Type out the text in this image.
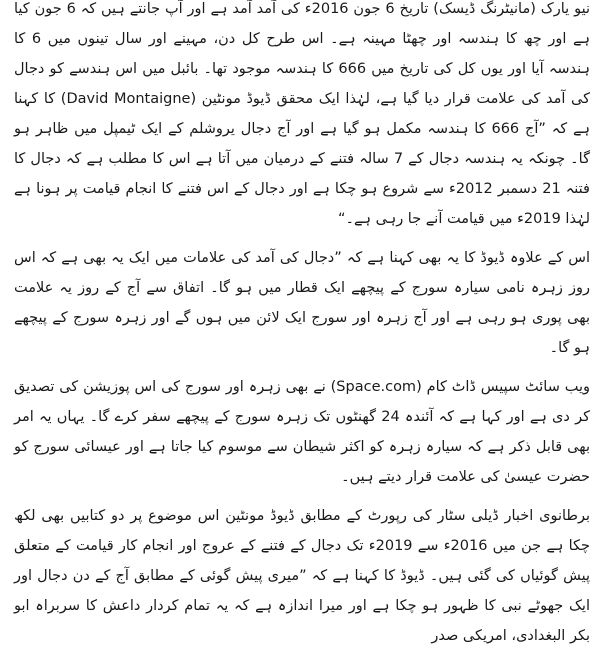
نیو یارک (مانیٹرنگ ڈیسک) تاریخ 6 جون 2016ء کی آمد آمد ہے اور آپ جانتے ہیں کہ 6 جون کیا ہے اور چھ کا ہندسہ اور چھٹا مہینہ ہے۔ اس طرح کل دن، مہینے اور سال تینوں میں 6 کا ہندسہ آیا اور یوں کل کی تاریخ میں 666 کا ہندسہ موجود تھا۔ بائبل میں اس ہندسے کو دجال کی آمد کی علامت قرار دیا گیا ہے، لہٰذا ایک محقق ڈیوڈ مونٹین (David Montaigne) کا کہنا ہے کہ ”آج 666 کا ہندسہ مکمل ہو گیا ہے اور آج دجال یروشلم کے ایک ٹیمپل میں ظاہر ہو گا۔ چونکہ یہ ہندسہ دجال کے 7 سالہ فتنے کے درمیان میں آتا ہے اس کا مطلب ہے کہ دجال کا فتنہ 21 دسمبر 2012ء سے شروع ہو چکا ہے اور دجال کے اس فتنے کا انجام قیامت پر ہونا ہے لہٰذا 2019ء میں قیامت آنے جا رہی ہے۔“

اس کے علاوہ ڈیوڈ کا یہ بھی کہنا ہے کہ ”دجال کی آمد کی علامات میں ایک یہ بھی ہے کہ اس روز زہرہ نامی سیارہ سورج کے پیچھے ایک قطار میں ہو گا۔ اتفاق سے آج کے روز یہ علامت بھی پوری ہو رہی ہے اور آج زہرہ اور سورج ایک لائن میں ہوں گے اور زہرہ سورج کے پیچھے ہو گا۔

ویب سائٹ سپیس ڈاٹ کام (Space.com) نے بھی زہرہ اور سورج کی اس پوزیشن کی تصدیق کر دی ہے اور کہا ہے کہ آئندہ 24 گھنٹوں تک زہرہ سورج کے پیچھے سفر کرے گا۔ یہاں یہ امر بھی قابل ذکر ہے کہ سیارہ زہرہ کو اکثر شیطان سے موسوم کیا جاتا ہے اور عیسائی سورج کو حضرت عیسیٰ کی علامت قرار دیتے ہیں۔

برطانوی اخبار ڈیلی سٹار کی رپورٹ کے مطابق ڈیوڈ مونٹین اس موضوع پر دو کتابیں بھی لکھ چکا ہے جن میں 2016ء سے 2019ء تک دجال کے فتنے کے عروج اور انجام کار قیامت کے متعلق پیش گوئیاں کی گئی ہیں۔ ڈیوڈ کا کہنا ہے کہ ”میری پیش گوئی کے مطابق آج کے دن دجال اور ایک جھوٹے نبی کا ظہور ہو چکا ہے اور میرا اندازہ ہے کہ یہ تمام کردار داعش کا سربراہ ابو بکر البغدادی، امریکی صدر
